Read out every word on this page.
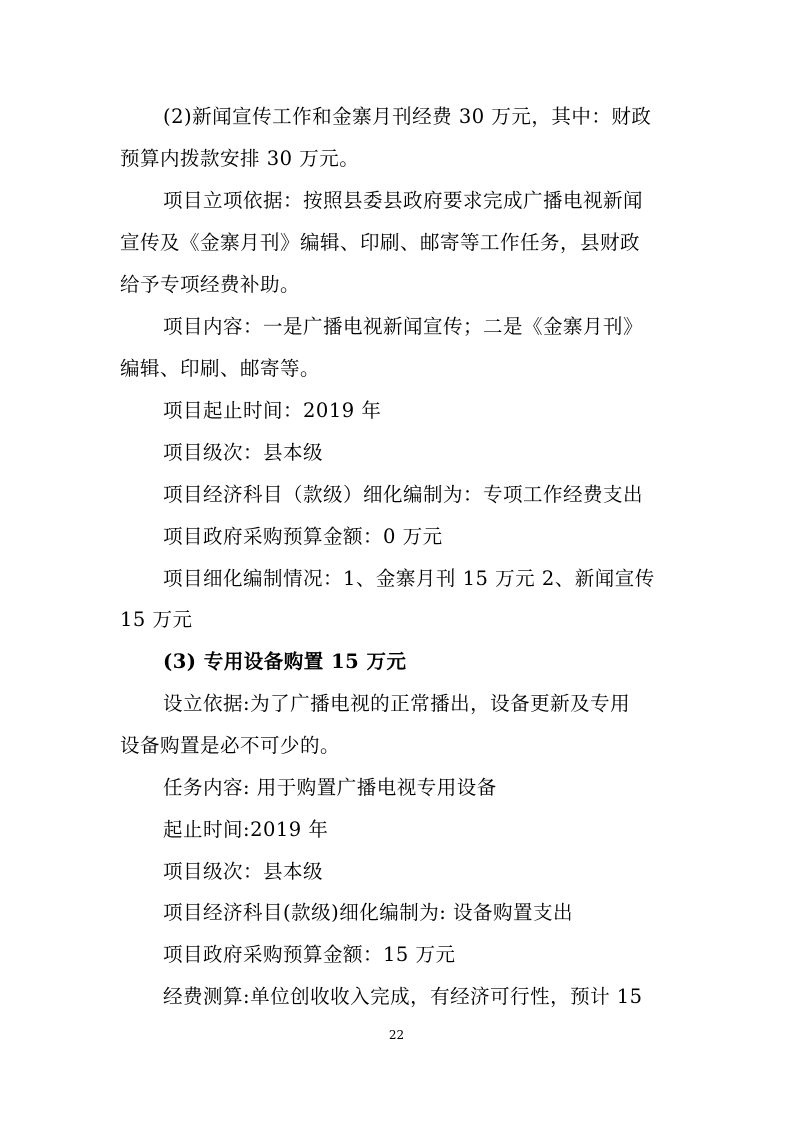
(2)新闻宣传工作和金寨月刊经费 30 万元，其中：财政
预算内拨款安排 30 万元。
项目立项依据：按照县委县政府要求完成广播电视新闻
宣传及《金寨月刊》编辑、印刷、邮寄等工作任务，县财政
给予专项经费补助。
项目内容：一是广播电视新闻宣传；二是《金寨月刊》
编辑、印刷、邮寄等。
项目起止时间：2019 年
项目级次：县本级
项目经济科目（款级）细化编制为：专项工作经费支出
项目政府采购预算金额：0 万元
项目细化编制情况：1、金寨月刊 15 万元 2、新闻宣传
15 万元
(3) 专用设备购置 15 万元
设立依据:为了广播电视的正常播出，设备更新及专用
设备购置是必不可少的。
任务内容: 用于购置广播电视专用设备
起止时间:2019 年
项目级次：县本级
项目经济科目(款级)细化编制为: 设备购置支出
项目政府采购预算金额：15 万元
经费测算:单位创收收入完成，有经济可行性，预计 15
22
